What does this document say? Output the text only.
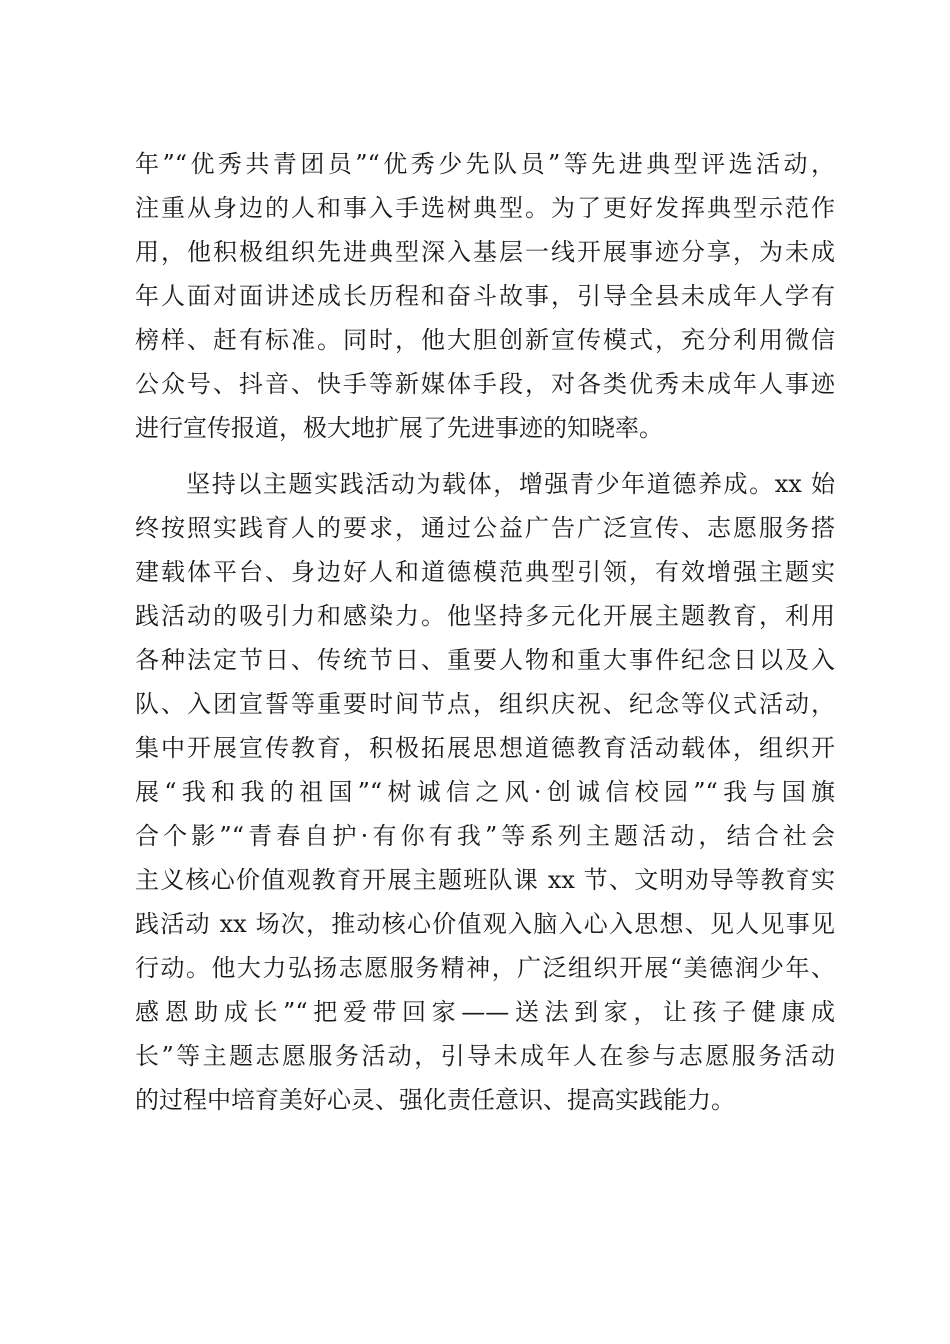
年”“优秀共青团员”“优秀少先队员”等先进典型评选活动，
注重从身边的人和事入手选树典型。为了更好发挥典型示范作
用，他积极组织先进典型深入基层一线开展事迹分享，为未成
年人面对面讲述成长历程和奋斗故事，引导全县未成年人学有
榜样、赶有标准。同时，他大胆创新宣传模式，充分利用微信
公众号、抖音、快手等新媒体手段，对各类优秀未成年人事迹
进行宣传报道，极大地扩展了先进事迹的知晓率。
　　坚持以主题实践活动为载体，增强青少年道德养成。xx 始
终按照实践育人的要求，通过公益广告广泛宣传、志愿服务搭
建载体平台、身边好人和道德模范典型引领，有效增强主题实
践活动的吸引力和感染力。他坚持多元化开展主题教育，利用
各种法定节日、传统节日、重要人物和重大事件纪念日以及入
队、入团宣誓等重要时间节点，组织庆祝、纪念等仪式活动，
集中开展宣传教育，积极拓展思想道德教育活动载体，组织开
展“我和我的祖国”“树诚信之风·创诚信校园”“我与国旗
合个影”“青春自护·有你有我”等系列主题活动，结合社会
主义核心价值观教育开展主题班队课 xx 节、文明劝导等教育实
践活动 xx 场次，推动核心价值观入脑入心入思想、见人见事见
行动。他大力弘扬志愿服务精神，广泛组织开展“美德润少年、
感恩助成长”“把爱带回家——送法到家，让孩子健康成
长”等主题志愿服务活动，引导未成年人在参与志愿服务活动
的过程中培育美好心灵、强化责任意识、提高实践能力。
